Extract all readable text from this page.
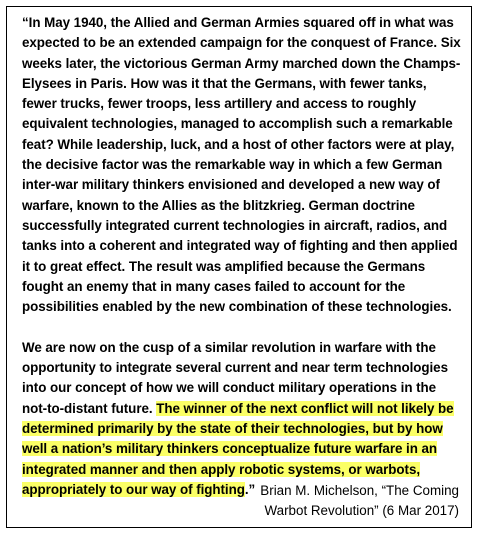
“In May 1940, the Allied and German Armies squared off in what was expected to be an extended campaign for the conquest of France. Six weeks later, the victorious German Army marched down the Champs-Elysees in Paris. How was it that the Germans, with fewer tanks, fewer trucks, fewer troops, less artillery and access to roughly equivalent technologies, managed to accomplish such a remarkable feat? While leadership, luck, and a host of other factors were at play, the decisive factor was the remarkable way in which a few German inter-war military thinkers envisioned and developed a new way of warfare, known to the Allies as the blitzkrieg. German doctrine successfully integrated current technologies in aircraft, radios, and tanks into a coherent and integrated way of fighting and then applied it to great effect. The result was amplified because the Germans fought an enemy that in many cases failed to account for the possibilities enabled by the new combination of these technologies.

We are now on the cusp of a similar revolution in warfare with the opportunity to integrate several current and near term technologies into our concept of how we will conduct military operations in the not-to-distant future. The winner of the next conflict will not likely be determined primarily by the state of their technologies, but by how well a nation’s military thinkers conceptualize future warfare in an integrated manner and then apply robotic systems, or warbots, appropriately to our way of fighting.” Brian M. Michelson, “The Coming
Warbot Revolution” (6 Mar 2017)
